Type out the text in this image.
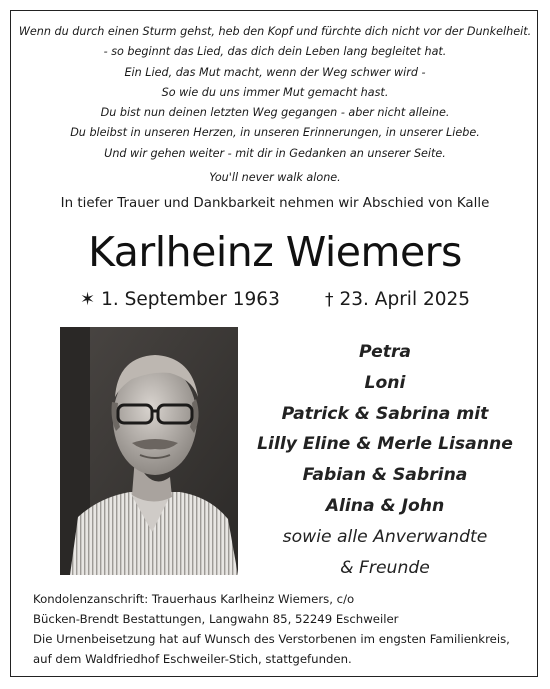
Wenn du durch einen Sturm gehst, heb den Kopf und fürchte dich nicht vor der Dunkelheit.
- so beginnt das Lied, das dich dein Leben lang begleitet hat.
Ein Lied, das Mut macht, wenn der Weg schwer wird -
So wie du uns immer Mut gemacht hast.
Du bist nun deinen letzten Weg gegangen - aber nicht alleine.
Du bleibst in unseren Herzen, in unseren Erinnerungen, in unserer Liebe.
Und wir gehen weiter - mit dir in Gedanken an unserer Seite.
You'll never walk alone.
In tiefer Trauer und Dankbarkeit nehmen wir Abschied von Kalle
Karlheinz Wiemers
✶ 1. September 1963	† 23. April 2025
Petra
Loni
Patrick & Sabrina mit
Lilly Eline & Merle Lisanne
Fabian & Sabrina
Alina & John
sowie alle Anverwandte
& Freunde
Kondolenzanschrift: Trauerhaus Karlheinz Wiemers, c/o
Bücken-Brendt Bestattungen, Langwahn 85, 52249 Eschweiler
Die Urnenbeisetzung hat auf Wunsch des Verstorbenen im engsten Familienkreis,
auf dem Waldfriedhof Eschweiler-Stich, stattgefunden.
